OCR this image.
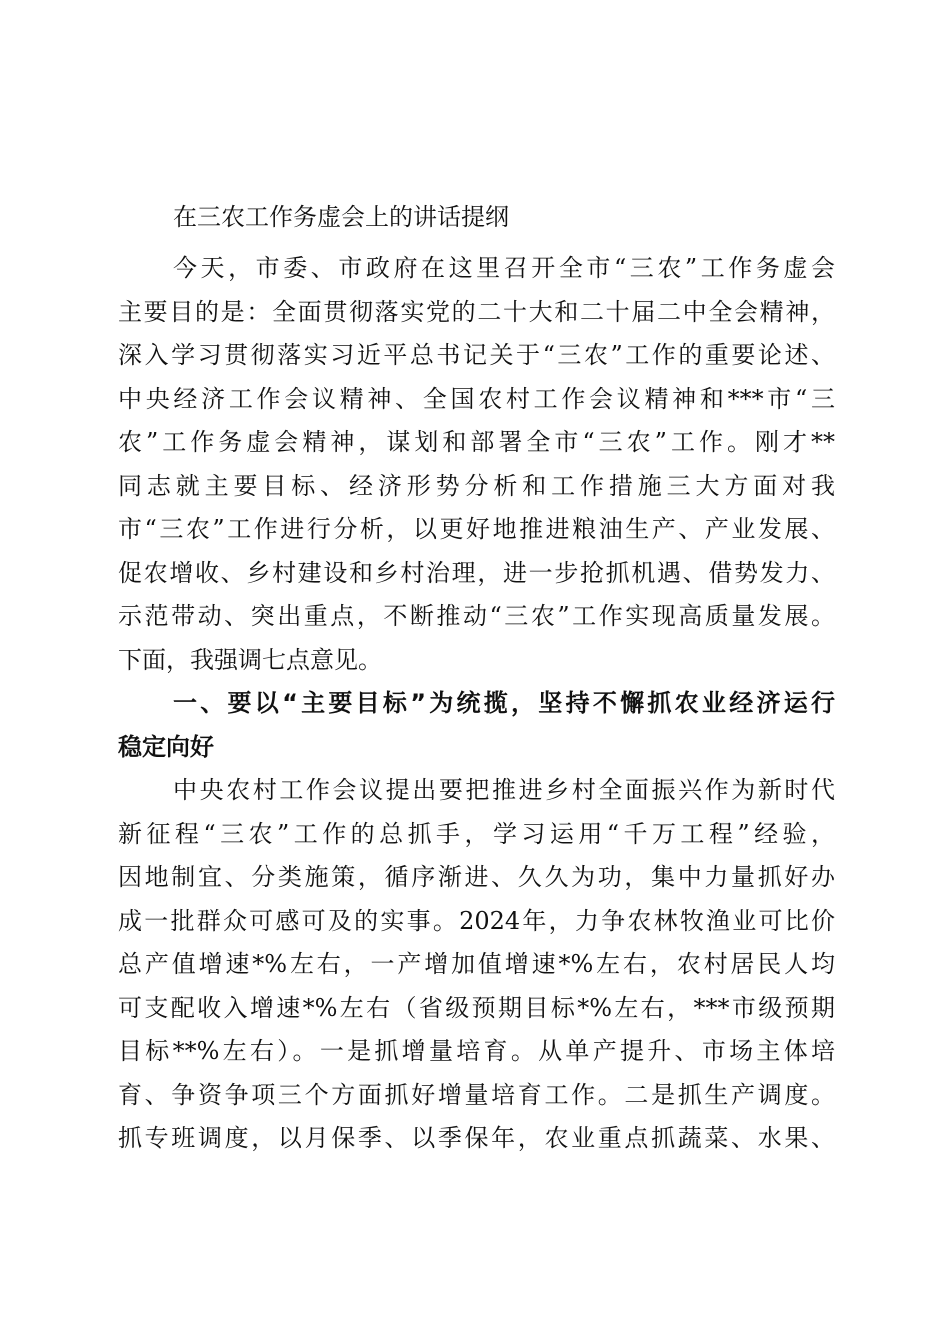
在三农工作务虚会上的讲话提纲
今天，市委、市政府在这里召开全市“三农”工作务虚会
主要目的是：全面贯彻落实党的二十大和二十届二中全会精神，
深入学习贯彻落实习近平总书记关于“三农”工作的重要论述、
中央经济工作会议精神、全国农村工作会议精神和***市“三
农”工作务虚会精神，谋划和部署全市“三农”工作。刚才**
同志就主要目标、经济形势分析和工作措施三大方面对我
市“三农”工作进行分析，以更好地推进粮油生产、产业发展、
促农增收、乡村建设和乡村治理，进一步抢抓机遇、借势发力、
示范带动、突出重点，不断推动“三农”工作实现高质量发展。
下面，我强调七点意见。
一、要以“主要目标”为统揽，坚持不懈抓农业经济运行
稳定向好
中央农村工作会议提出要把推进乡村全面振兴作为新时代
新征程“三农”工作的总抓手，学习运用“千万工程”经验，
因地制宜、分类施策，循序渐进、久久为功，集中力量抓好办
成一批群众可感可及的实事。2024年，力争农林牧渔业可比价
总产值增速*%左右，一产增加值增速*%左右，农村居民人均
可支配收入增速*%左右（省级预期目标*%左右，***市级预期
目标**%左右）。一是抓增量培育。从单产提升、市场主体培
育、争资争项三个方面抓好增量培育工作。二是抓生产调度。
抓专班调度，以月保季、以季保年，农业重点抓蔬菜、水果、
